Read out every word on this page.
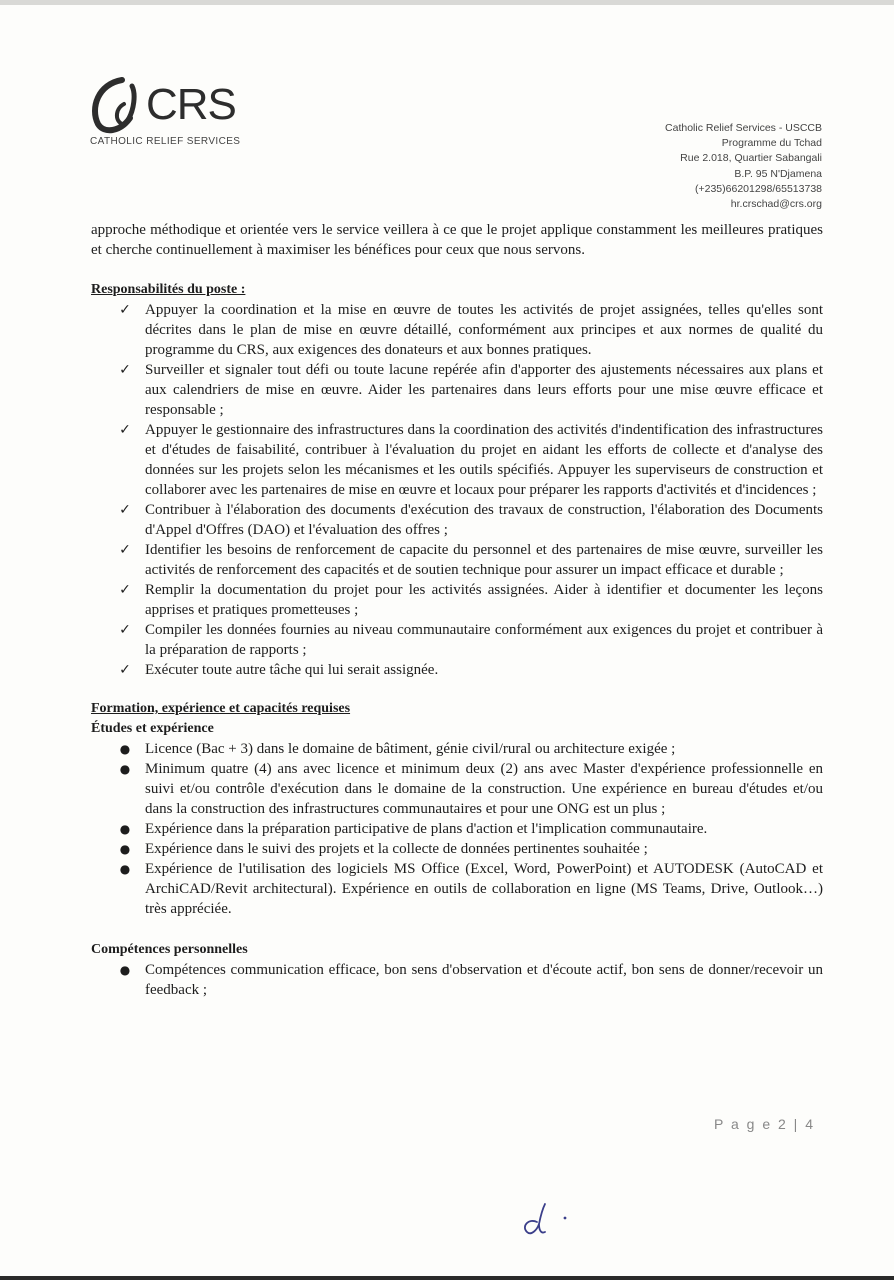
CRS
CATHOLIC RELIEF SERVICES
Catholic Relief Services - USCCB
Programme du Tchad
Rue 2.018, Quartier Sabangali
B.P. 95 N'Djamena
(+235)66201298/65513738
hr.crschad@crs.org

approche méthodique et orientée vers le service veillera à ce que le projet applique constamment les meilleures pratiques et cherche continuellement à maximiser les bénéfices pour ceux que nous servons.

Responsabilités du poste :
✓ Appuyer la coordination et la mise en œuvre de toutes les activités de projet assignées, telles qu'elles sont décrites dans le plan de mise en œuvre détaillé, conformément aux principes et aux normes de qualité du programme du CRS, aux exigences des donateurs et aux bonnes pratiques.
✓ Surveiller et signaler tout défi ou toute lacune repérée afin d'apporter des ajustements nécessaires aux plans et aux calendriers de mise en œuvre. Aider les partenaires dans leurs efforts pour une mise œuvre efficace et responsable ;
✓ Appuyer le gestionnaire des infrastructures dans la coordination des activités d'indentification des infrastructures et d'études de faisabilité, contribuer à l'évaluation du projet en aidant les efforts de collecte et d'analyse des données sur les projets selon les mécanismes et les outils spécifiés. Appuyer les superviseurs de construction et collaborer avec les partenaires de mise en œuvre et locaux pour préparer les rapports d'activités et d'incidences ;
✓ Contribuer à l'élaboration des documents d'exécution des travaux de construction, l'élaboration des Documents d'Appel d'Offres (DAO) et l'évaluation des offres ;
✓ Identifier les besoins de renforcement de capacite du personnel et des partenaires de mise œuvre, surveiller les activités de renforcement des capacités et de soutien technique pour assurer un impact efficace et durable ;
✓ Remplir la documentation du projet pour les activités assignées. Aider à identifier et documenter les leçons apprises et pratiques prometteuses ;
✓ Compiler les données fournies au niveau communautaire conformément aux exigences du projet et contribuer à la préparation de rapports ;
✓ Exécuter toute autre tâche qui lui serait assignée.
Formation, expérience et capacités requises
Études et expérience
● Licence (Bac + 3) dans le domaine de bâtiment, génie civil/rural ou architecture exigée ;
● Minimum quatre (4) ans avec licence et minimum deux (2) ans avec Master d'expérience professionnelle en suivi et/ou contrôle d'exécution dans le domaine de la construction. Une expérience en bureau d'études et/ou dans la construction des infrastructures communautaires et pour une ONG est un plus ;
● Expérience dans la préparation participative de plans d'action et l'implication communautaire.
● Expérience dans le suivi des projets et la collecte de données pertinentes souhaitée ;
● Expérience de l'utilisation des logiciels MS Office (Excel, Word, PowerPoint) et AUTODESK (AutoCAD et ArchiCAD/Revit architectural). Expérience en outils de collaboration en ligne (MS Teams, Drive, Outlook…) très appréciée.
Compétences personnelles
● Compétences communication efficace, bon sens d'observation et d'écoute actif, bon sens de donner/recevoir un feedback ;
P a g e 2 | 4
